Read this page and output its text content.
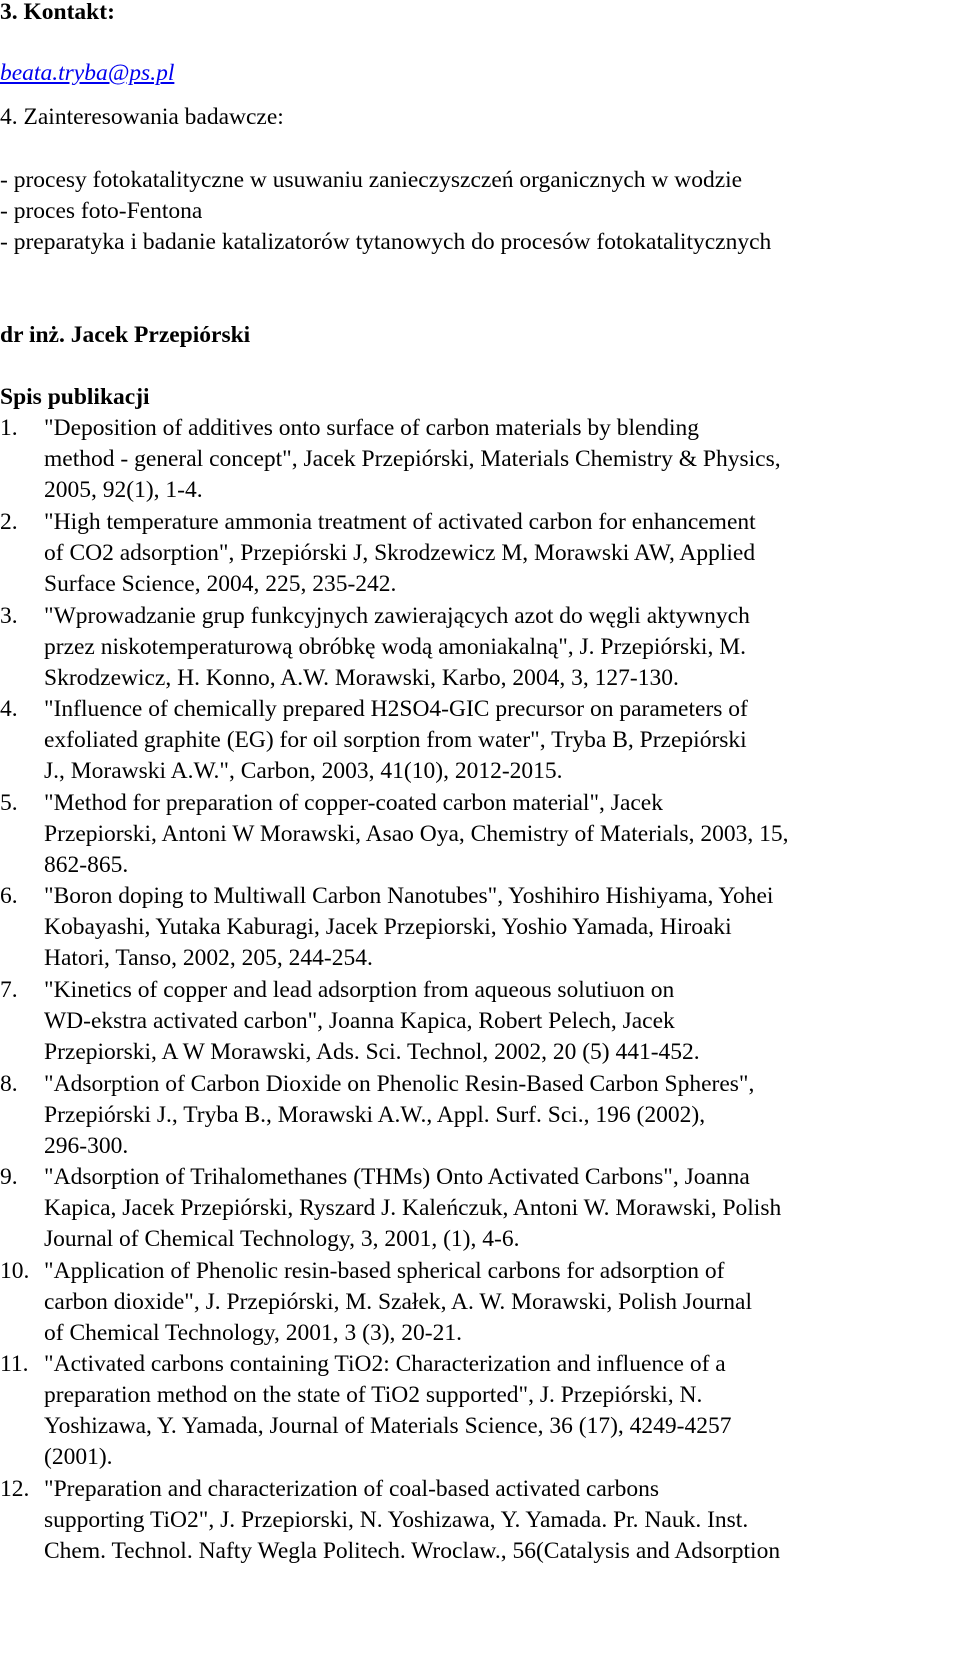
3. Kontakt:
beata.tryba@ps.pl
4. Zainteresowania badawcze:
- procesy fotokatalityczne w usuwaniu zanieczyszczeń organicznych w wodzie
- proces foto-Fentona
- preparatyka i badanie katalizatorów tytanowych do procesów fotokatalitycznych
dr inż. Jacek Przepiórski
Spis publikacji
1.	"Deposition of additives onto surface of carbon materials by blending
method - general concept", Jacek Przepiórski, Materials Chemistry & Physics,
2005, 92(1), 1-4.
2.	"High temperature ammonia treatment of activated carbon for enhancement
of CO2 adsorption", Przepiórski J, Skrodzewicz M, Morawski AW, Applied
Surface Science, 2004, 225, 235-242.
3.	"Wprowadzanie grup funkcyjnych zawierających azot do węgli aktywnych
przez niskotemperaturową obróbkę wodą amoniakalną", J. Przepiórski, M.
Skrodzewicz, H. Konno, A.W. Morawski, Karbo, 2004, 3, 127-130.
4.	"Influence of chemically prepared H2SO4-GIC precursor on parameters of
exfoliated graphite (EG) for oil sorption from water", Tryba B, Przepiórski
J., Morawski A.W.", Carbon, 2003, 41(10), 2012-2015.
5.	"Method for preparation of copper-coated carbon material", Jacek
Przepiorski, Antoni W Morawski, Asao Oya, Chemistry of Materials, 2003, 15,
862-865.
6.	"Boron doping to Multiwall Carbon Nanotubes", Yoshihiro Hishiyama, Yohei
Kobayashi, Yutaka Kaburagi, Jacek Przepiorski, Yoshio Yamada, Hiroaki
Hatori, Tanso, 2002, 205, 244-254.
7.	"Kinetics of copper and lead adsorption from aqueous solutiuon on
WD-ekstra activated carbon", Joanna Kapica, Robert Pelech, Jacek
Przepiorski, A W Morawski, Ads. Sci. Technol, 2002, 20 (5) 441-452.
8.	"Adsorption of Carbon Dioxide on Phenolic Resin-Based Carbon Spheres",
Przepiórski J., Tryba B., Morawski A.W., Appl. Surf. Sci., 196 (2002),
296-300.
9.	"Adsorption of Trihalomethanes (THMs) Onto Activated Carbons", Joanna
Kapica, Jacek Przepiórski, Ryszard J. Kaleńczuk, Antoni W. Morawski, Polish
Journal of Chemical Technology, 3, 2001, (1), 4-6.
10. "Application of Phenolic resin-based spherical carbons for adsorption of
carbon dioxide", J. Przepiórski, M. Szałek, A. W. Morawski, Polish Journal
of Chemical Technology, 2001, 3 (3), 20-21.
11. "Activated carbons containing TiO2: Characterization and influence of a
preparation method on the state of TiO2 supported", J. Przepiórski, N.
Yoshizawa, Y. Yamada, Journal of Materials Science, 36 (17), 4249-4257
(2001).
12. "Preparation and characterization of coal-based activated carbons
supporting TiO2", J. Przepiorski, N. Yoshizawa, Y. Yamada. Pr. Nauk. Inst.
Chem. Technol. Nafty Wegla Politech. Wroclaw., 56(Catalysis and Adsorption
